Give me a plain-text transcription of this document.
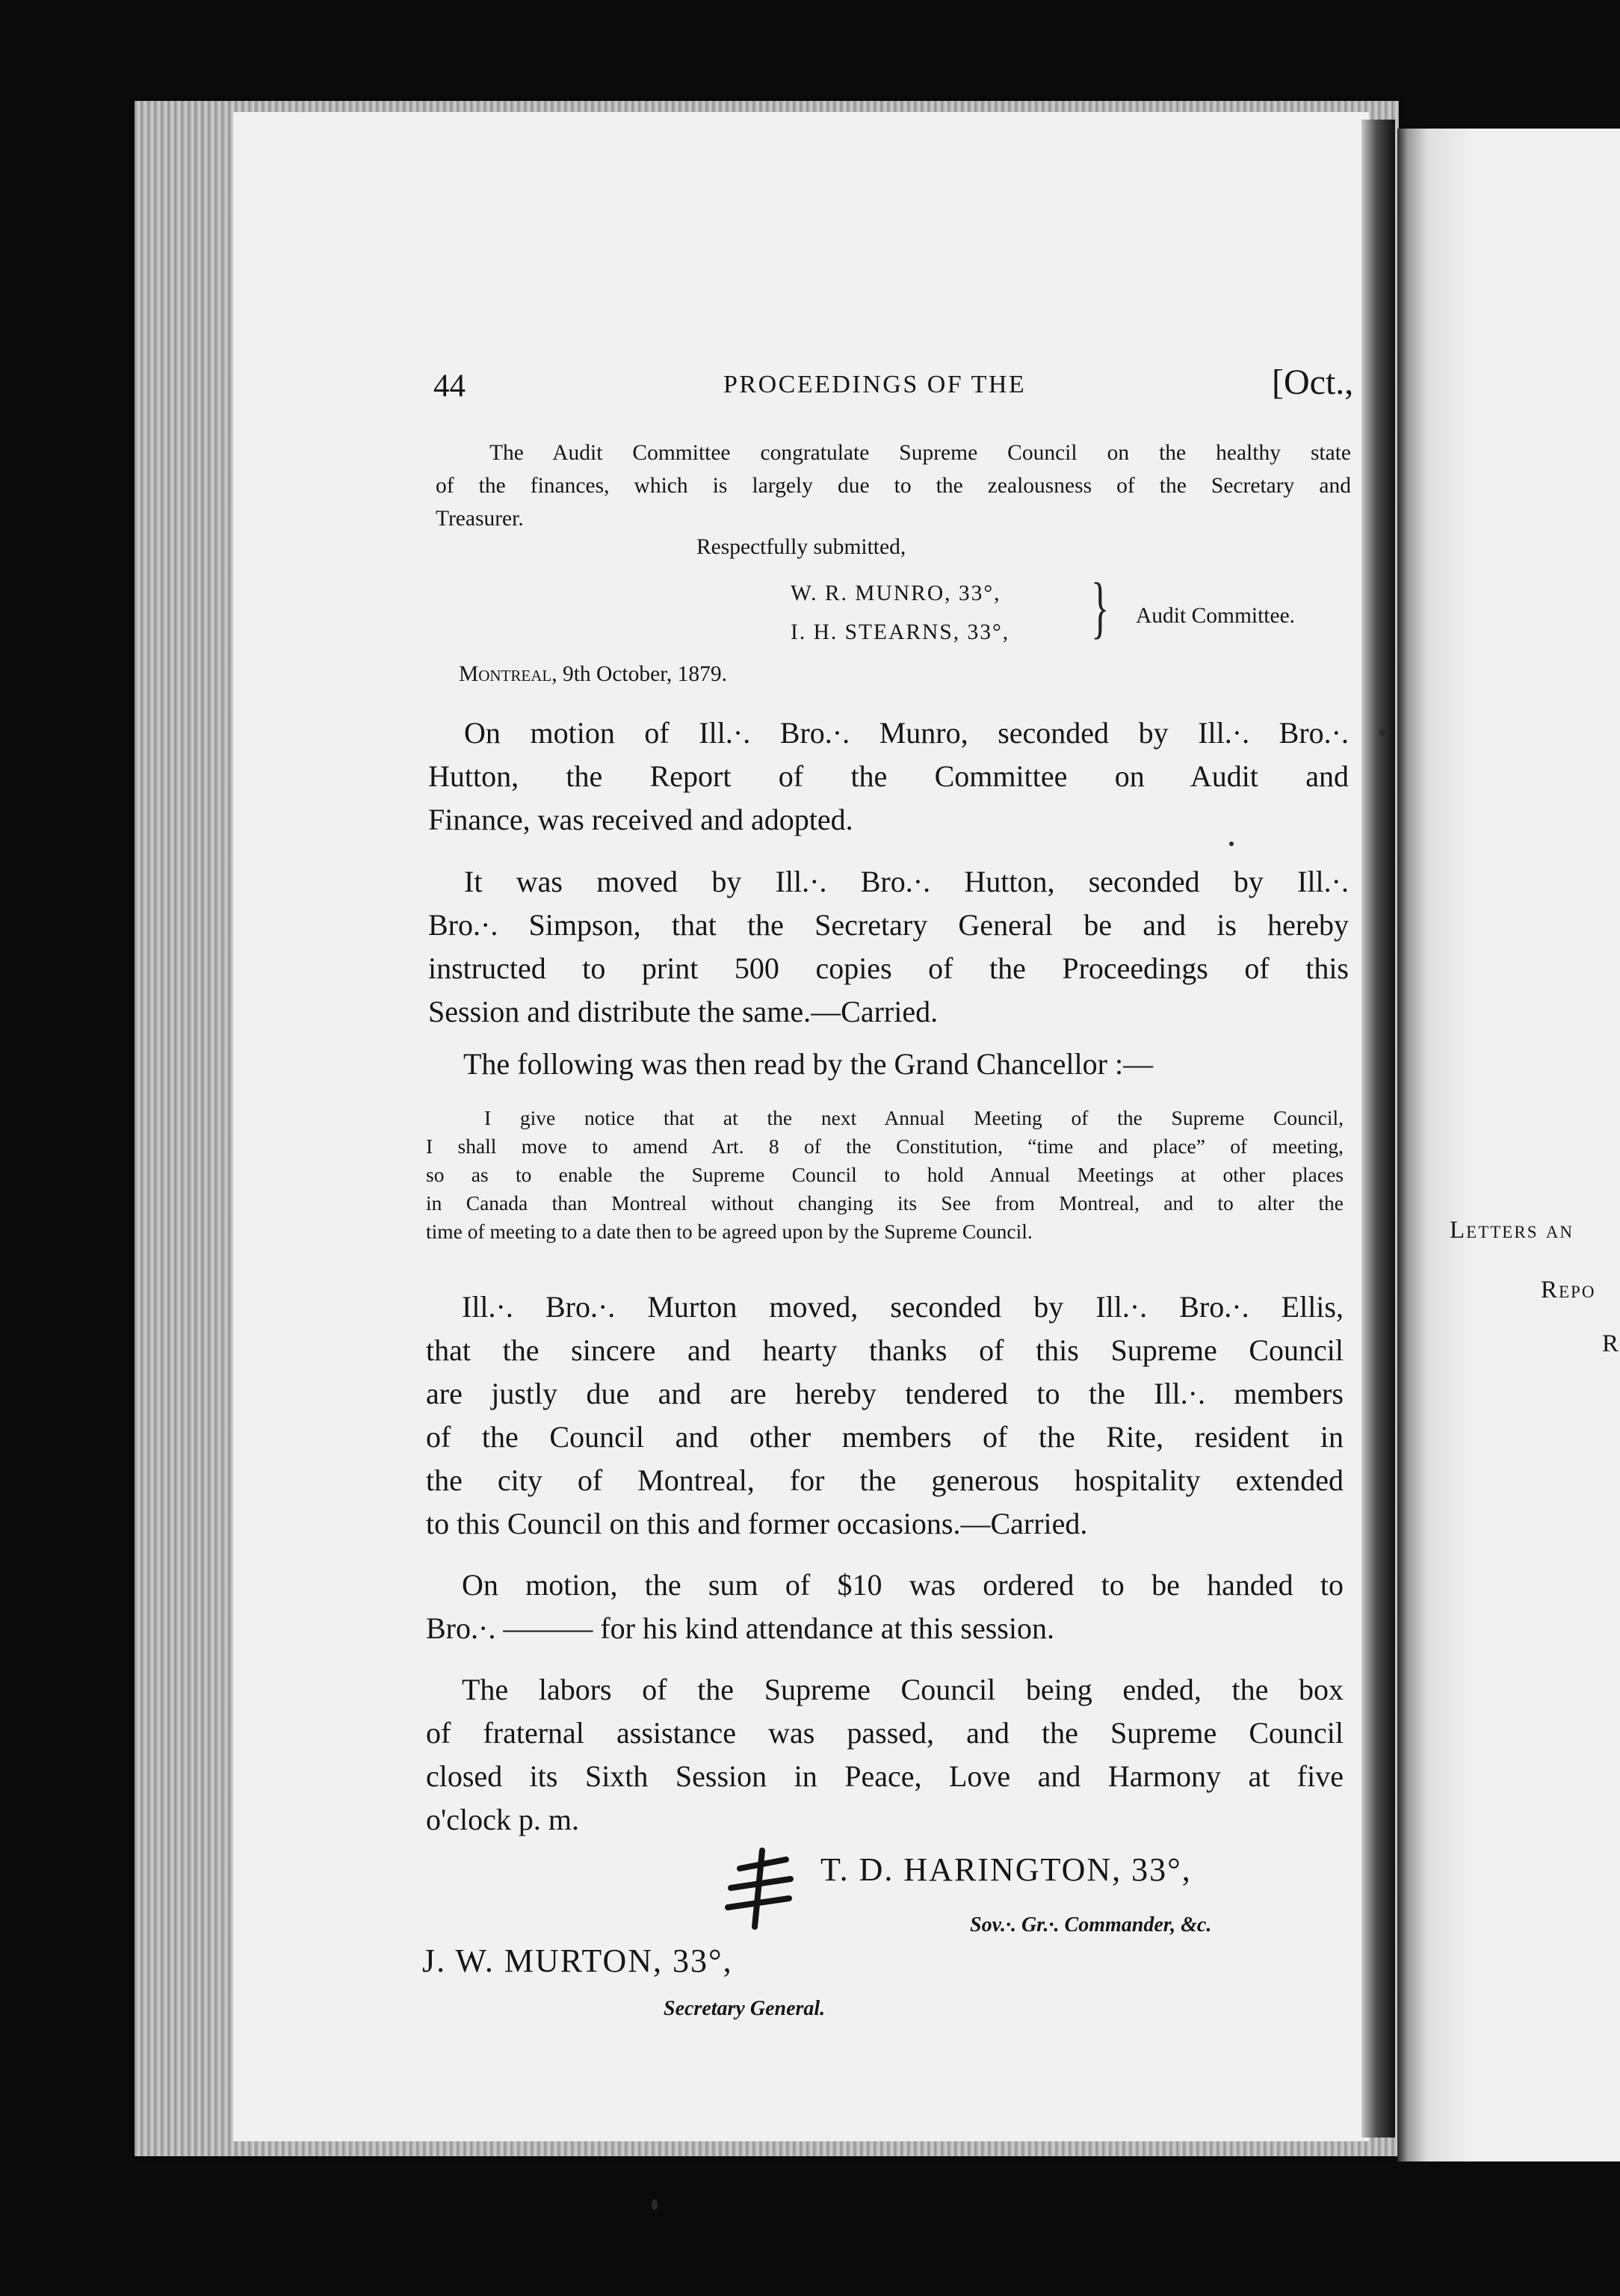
44	PROCEEDINGS OF THE	[Oct.,

The Audit Committee congratulate Supreme Council on the healthy state

of the finances, which is largely due to the zealousness of the Secretary and

Treasurer.

Respectfully submitted,
W. R. MUNRO, 33°,
I. H. STEARNS, 33°, } Audit Committee.
Montreal, 9th October, 1879.

On motion of Ill.·. Bro.·. Munro, seconded by Ill.·. Bro.·.

Hutton, the Report of the Committee on Audit and

Finance, was received and adopted.

It was moved by Ill.·. Bro.·. Hutton, seconded by Ill.·.

Bro.·. Simpson, that the Secretary General be and is hereby

instructed to print 500 copies of the Proceedings of this

Session and distribute the same.—Carried.

The following was then read by the Grand Chancellor :—

I give notice that at the next Annual Meeting of the Supreme Council,

I shall move to amend Art. 8 of the Constitution, “time and place” of meeting,

so as to enable the Supreme Council to hold Annual Meetings at other places

in Canada than Montreal without changing its See from Montreal, and to alter the

time of meeting to a date then to be agreed upon by the Supreme Council.

Ill.·. Bro.·. Murton moved, seconded by Ill.·. Bro.·. Ellis,

that the sincere and hearty thanks of this Supreme Council

are justly due and are hereby tendered to the Ill.·. members

of the Council and other members of the Rite, resident in

the city of Montreal, for the generous hospitality extended

to this Council on this and former occasions.—Carried.

On motion, the sum of $10 was ordered to be handed to

Bro.·. ——— for his kind attendance at this session.

The labors of the Supreme Council being ended, the box

of fraternal assistance was passed, and the Supreme Council

closed its Sixth Session in Peace, Love and Harmony at five

o'clock p. m.

T. D. HARINGTON, 33°,
Sov.·. Gr.·. Commander, &c.
J. W. MURTON, 33°,
Secretary General.
Letters an
Repo
R
